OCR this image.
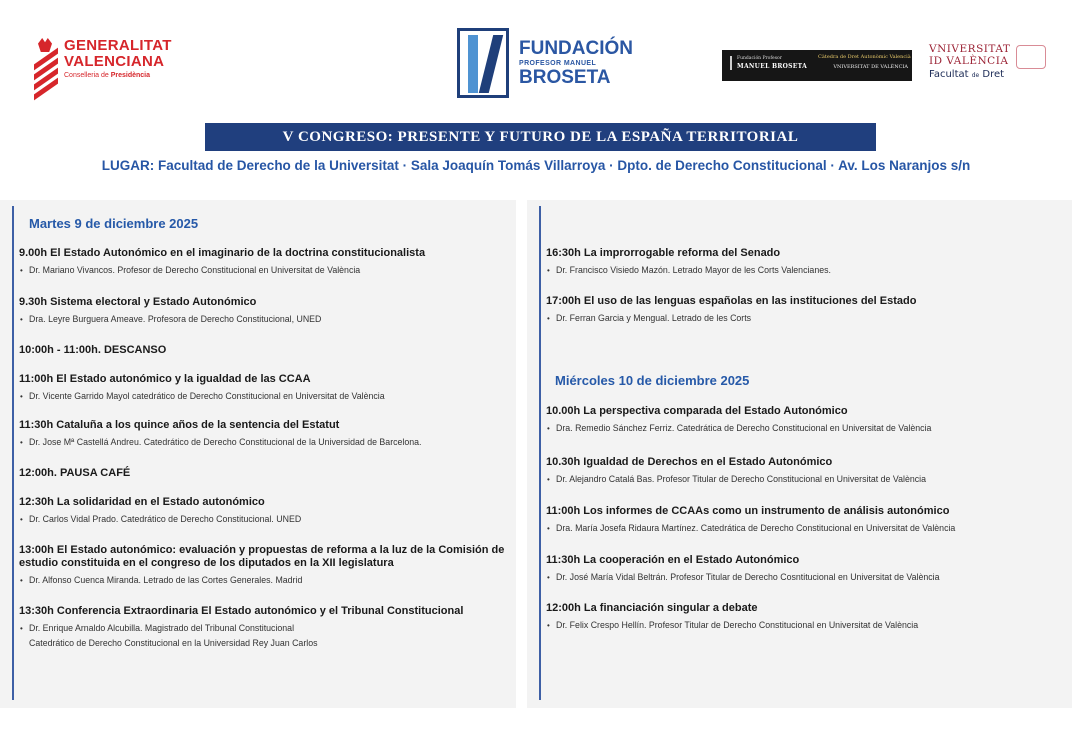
GENERALITAT
VALENCIANA
Conselleria de Presidència
FUNDACIÓN
PROFESOR MANUEL
BROSETA
Fundación Profesor
MANUEL BROSETA
Càtedra de Dret Autonòmic Valencià
VNIVERSITAT DE VALÈNCIA
VNIVERSITAT
ID VALÈNCIA
Facultat de Dret
V CONGRESO: PRESENTE Y FUTURO DE LA ESPAÑA TERRITORIAL
LUGAR: Facultad de Derecho de la Universitat · Sala Joaquín Tomás Villarroya · Dpto. de Derecho Constitucional · Av. Los Naranjos s/n
Martes 9 de diciembre 2025
9.00h El Estado Autonómico en el imaginario de la doctrina constitucionalista
• Dr. Mariano Vivancos. Profesor de Derecho Constitucional en Universitat de València
9.30h Sistema electoral y Estado Autonómico
• Dra. Leyre Burguera Ameave. Profesora de Derecho Constitucional, UNED
10:00h - 11:00h. DESCANSO
11:00h El Estado autonómico y la igualdad de las CCAA
• Dr. Vicente Garrido Mayol catedrático de Derecho Constitucional en Universitat de València
11:30h Cataluña a los quince años de la sentencia del Estatut
• Dr. Jose Mª Castellá Andreu. Catedrático de Derecho Constitucional de la Universidad de Barcelona.
12:00h. PAUSA CAFÉ
12:30h La solidaridad en el Estado autonómico
• Dr. Carlos Vidal Prado. Catedrático de Derecho Constitucional. UNED
13:00h El Estado autonómico: evaluación y propuestas de reforma a la luz de la Comisión de estudio constituida en el congreso de los diputados en la XII legislatura
• Dr. Alfonso Cuenca Miranda. Letrado de las Cortes Generales. Madrid
13:30h Conferencia Extraordinaria El Estado autonómico y el Tribunal Constitucional
• Dr. Enrique Arnaldo Alcubilla. Magistrado del Tribunal Constitucional
Catedrático de Derecho Constitucional en la Universidad Rey Juan Carlos
16:30h La improrrogable reforma del Senado
• Dr. Francisco Visiedo Mazón. Letrado Mayor de les Corts Valencianes.
17:00h El uso de las lenguas españolas en las instituciones del Estado
• Dr. Ferran Garcia y Mengual. Letrado de les Corts
Miércoles 10 de diciembre 2025
10.00h La perspectiva comparada del Estado Autonómico
• Dra. Remedio Sánchez Ferriz. Catedrática de Derecho Constitucional en Universitat de València
10.30h Igualdad de Derechos en el Estado Autonómico
• Dr. Alejandro Catalá Bas. Profesor Titular de Derecho Constitucional en Universitat de València
11:00h Los informes de CCAAs como un instrumento de análisis autonómico
• Dra. María Josefa Ridaura Martínez. Catedrática de Derecho Constitucional en Universitat de València
11:30h La cooperación en el Estado Autonómico
• Dr. José María Vidal Beltrán. Profesor Titular de Derecho Cosntitucional en Universitat de València
12:00h La financiación singular a debate
• Dr. Felix Crespo Hellín. Profesor Titular de Derecho Constitucional en Universitat de València
